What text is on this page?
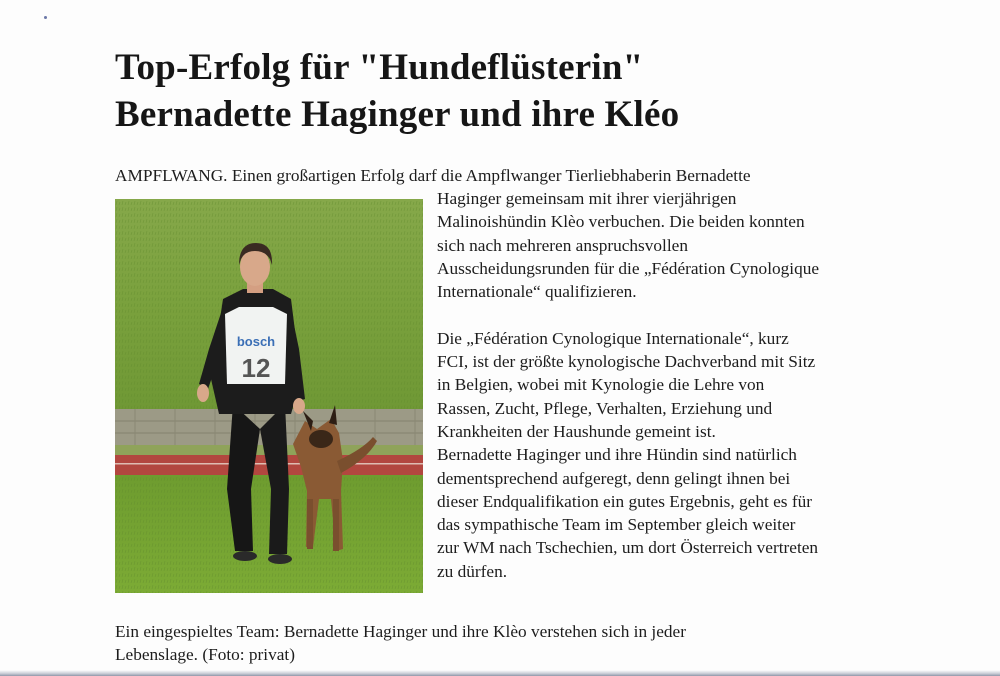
Top-Erfolg für "Hundeflüsterin"
Bernadette Haginger und ihre Kléo
AMPFLWANG. Einen großartigen Erfolg darf die Ampflwanger Tierliebhaberin Bernadette
bosch
12
Haginger gemeinsam mit ihrer vierjährigen
Malinoishündin Klèo verbuchen. Die beiden konnten
sich nach mehreren anspruchsvollen
Ausscheidungsrunden für die „Fédération Cynologique
Internationale“ qualifizieren.
Die „Fédération Cynologique Internationale“, kurz
FCI, ist der größte kynologische Dachverband mit Sitz
in Belgien, wobei mit Kynologie die Lehre von
Rassen, Zucht, Pflege, Verhalten, Erziehung und
Krankheiten der Haushunde gemeint ist.
Bernadette Haginger und ihre Hündin sind natürlich
dementsprechend aufgeregt, denn gelingt ihnen bei
dieser Endqualifikation ein gutes Ergebnis, geht es für
das sympathische Team im September gleich weiter
zur WM nach Tschechien, um dort Österreich vertreten
zu dürfen.
Ein eingespieltes Team: Bernadette Haginger und ihre Klèo verstehen sich in jeder
Lebenslage. (Foto: privat)
